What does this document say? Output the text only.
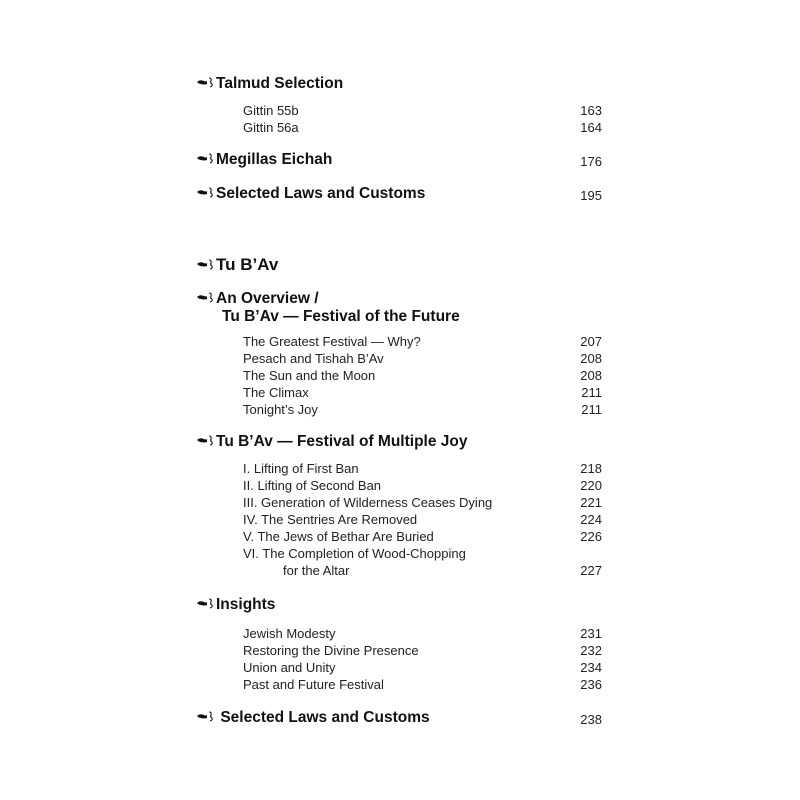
Talmud Selection
Gittin 55b	163
Gittin 56a	164
Megillas Eichah	176
Selected Laws and Customs	195
Tu B’Av
An Overview /
Tu B’Av — Festival of the Future
The Greatest Festival — Why?	207
Pesach and Tishah B’Av	208
The Sun and the Moon	208
The Climax	211
Tonight’s Joy	211
Tu B’Av — Festival of Multiple Joy
I. Lifting of First Ban	218
II. Lifting of Second Ban	220
III. Generation of Wilderness Ceases Dying	221
IV. The Sentries Are Removed	224
V. The Jews of Bethar Are Buried	226
VI. The Completion of Wood-Chopping
for the Altar	227
Insights
Jewish Modesty	231
Restoring the Divine Presence	232
Union and Unity	234
Past and Future Festival	236
Selected Laws and Customs	238
